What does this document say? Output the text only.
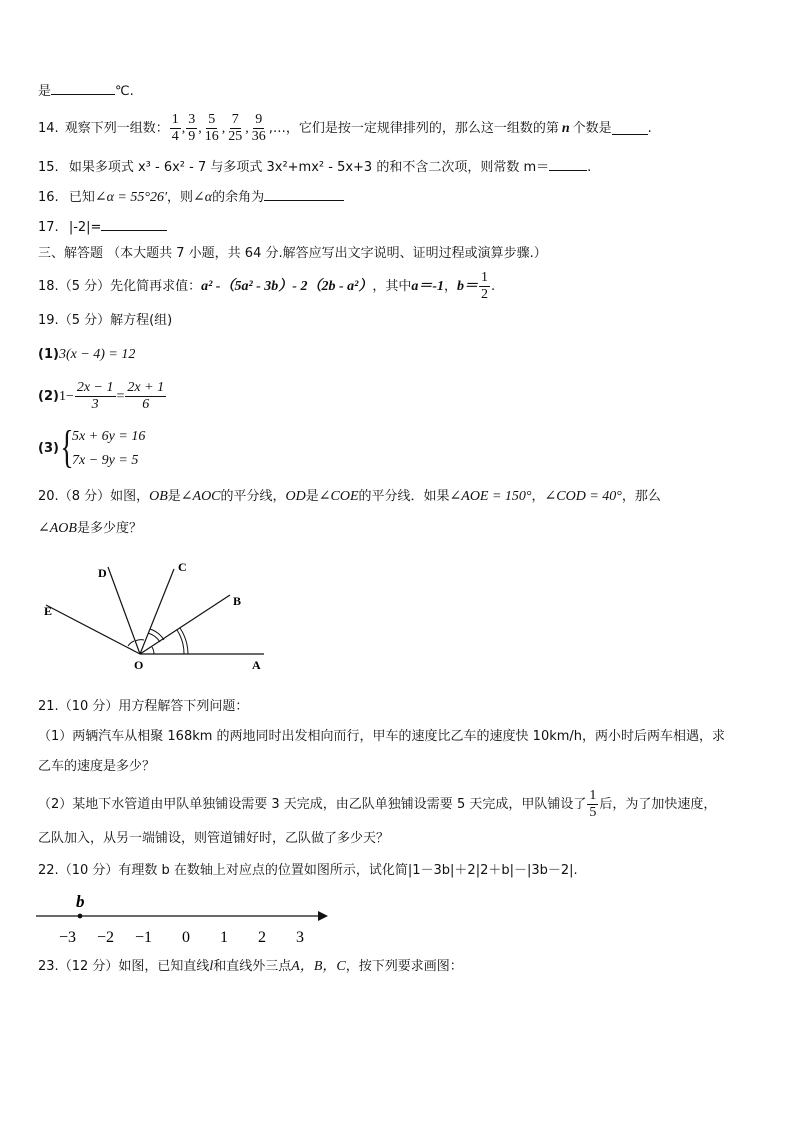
是	℃.
14. 观察下列一组数： $\frac{1}{4}$ , $\frac{3}{9}$ , $\frac{5}{16}$ , $\frac{7}{25}$ , $\frac{9}{36}$ ,…， 它们是按一定规律排列的，那么这一组数的第 n 个数是	.
15. 如果多项式 x³ - 6x² - 7 与多项式 3x²+mx² - 5x+3 的和不含二次项，则常数 m＝	.
16. 已知∠α = 55°26′，则∠α的余角为
17. |-2|=
三、解答题 （本大题共 7 小题，共 64 分.解答应写出文字说明、证明过程或演算步骤.）
18. （5 分）先化简再求值： a² -（5a² - 3b）- 2（2b - a²） ，其中 a＝-1 ， $b= \frac{1}{2}$ .
19.（5 分）解方程(组)
(1)3(x − 4) = 12
(2) $1- \frac{2x - 1}{3} = \frac{2x + 1}{6}$
(3) {
5x + 6y = 16
7x − 9y = 5
20.（8 分）如图，OB是∠AOC的平分线，OD是∠COE的平分线．如果∠AOE = 150°，∠COD = 40°，那么
∠AOB是多少度？
D	C
B
E
O	A
21.（10 分）用方程解答下列问题：
（1）两辆汽车从相聚 168km 的两地同时出发相向而行，甲车的速度比乙车的速度快 10km/h，两小时后两车相遇，求
乙车的速度是多少？
（2）某地下水管道由甲队单独铺设需要 3 天完成，由乙队单独铺设需要 5 天完成，甲队铺设了 $\frac{1}{5}$ 后，为了加快速度，
乙队加入，从另一端铺设，则管道铺好时，乙队做了多少天？
22.（10 分）有理数 b 在数轴上对应点的位置如图所示，试化简|1－3b|＋2|2＋b|－|3b－2|.
b
−3 −2 −1 0 1 2 3
23.（12 分）如图，已知直线l和直线外三点A，B，C，按下列要求画图：
